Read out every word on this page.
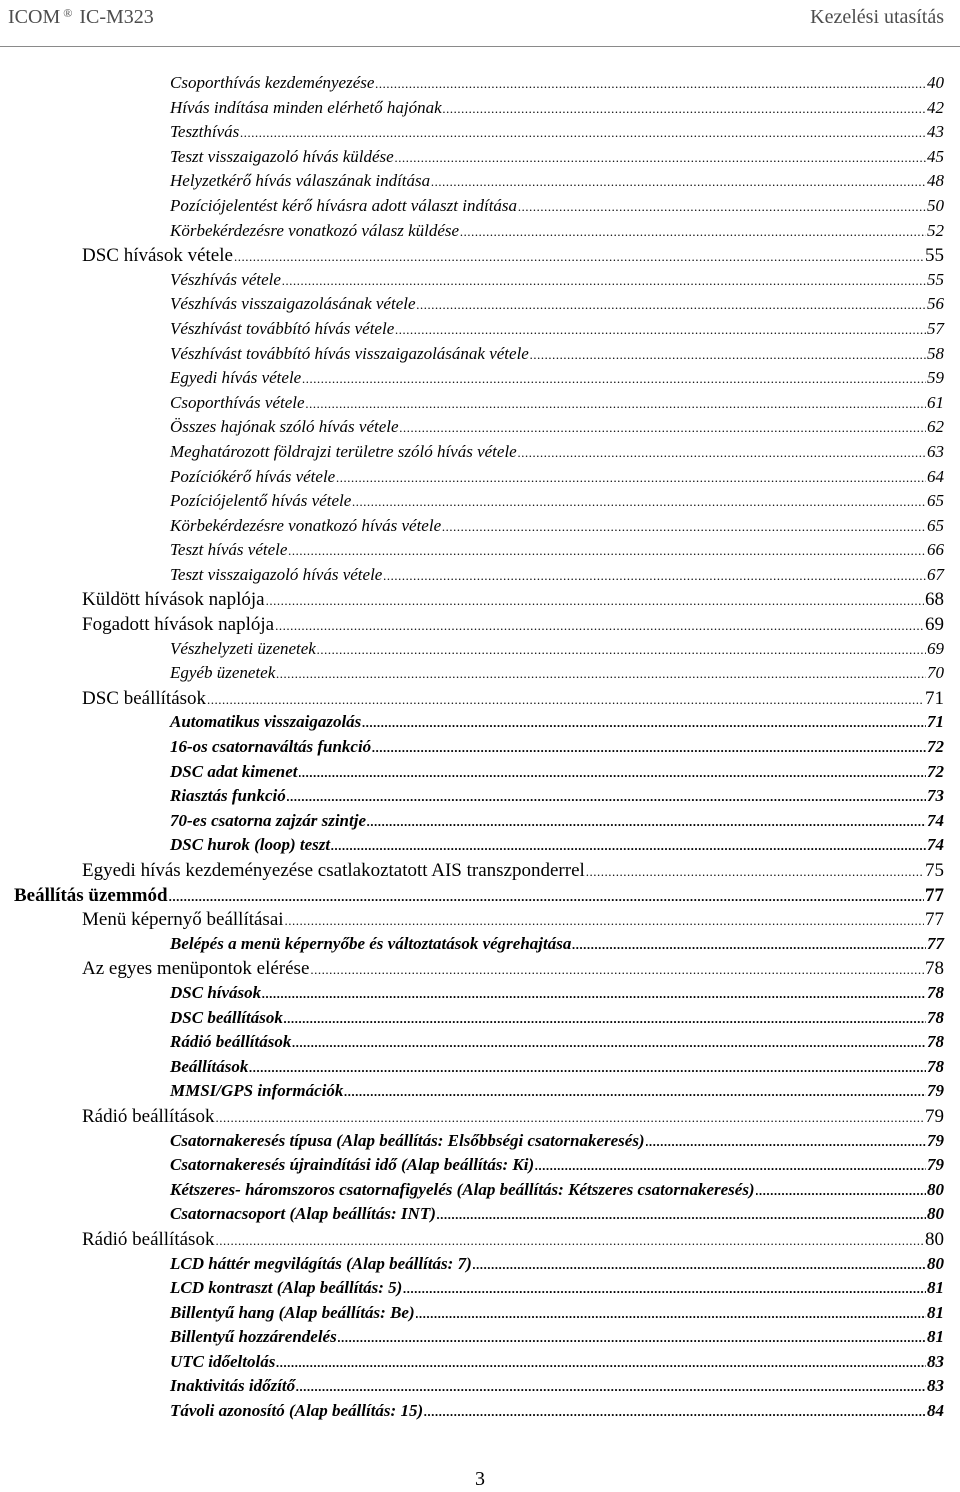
ICOM ® IC-M323	Kezelési utasítás
Csoporthívás kezdeményezése .....	40
Hívás indítása minden elérhető hajónak .....	42
Teszthívás .....	43
Teszt visszaigazoló hívás küldése .....	45
Helyzetkérő hívás válaszának indítása .....	48
Pozíciójelentést kérő hívásra adott választ indítása .....	50
Körbekérdezésre vonatkozó válasz küldése .....	52
DSC hívások vétele .....	55
Vészhívás vétele .....	55
Vészhívás visszaigazolásának vétele .....	56
Vészhívást továbbító hívás vétele .....	57
Vészhívást továbbító hívás visszaigazolásának vétele .....	58
Egyedi hívás vétele .....	59
Csoporthívás vétele .....	61
Összes hajónak szóló hívás vétele .....	62
Meghatározott földrajzi területre szóló hívás vétele .....	63
Pozíciókérő hívás vétele .....	64
Pozíciójelentő hívás vétele .....	65
Körbekérdezésre vonatkozó hívás vétele .....	65
Teszt hívás vétele .....	66
Teszt visszaigazoló hívás vétele .....	67
Küldött hívások naplója .....	68
Fogadott hívások naplója .....	69
Vészhelyzeti üzenetek .....	69
Egyéb üzenetek .....	70
DSC beállítások .....	71
Automatikus visszaigazolás .....	71
16-os csatornaváltás funkció .....	72
DSC adat kimenet .....	72
Riasztás funkció .....	73
70-es csatorna zajzár szintje .....	74
DSC hurok (loop) teszt .....	74
Egyedi hívás kezdeményezése csatlakoztatott AIS transzponderrel .....	75
Beállítás üzemmód .....	77
Menü képernyő beállításai .....	77
Belépés a menü képernyőbe és változtatások végrehajtása .....	77
Az egyes menüpontok elérése .....	78
DSC hívások .....	78
DSC beállítások .....	78
Rádió beállítások .....	78
Beállítások .....	78
MMSI/GPS információk .....	79
Rádió beállítások .....	79
Csatornakeresés típusa (Alap beállítás: Elsőbbségi csatornakeresés) .....	79
Csatornakeresés újraindítási idő (Alap beállítás: Ki) .....	79
Kétszeres- háromszoros csatornafigyelés (Alap beállítás: Kétszeres csatornakeresés) .....	80
Csatornacsoport (Alap beállítás: INT) .....	80
Rádió beállítások .....	80
LCD háttér megvilágítás (Alap beállítás: 7) .....	80
LCD kontraszt (Alap beállítás: 5) .....	81
Billentyű hang (Alap beállítás: Be) .....	81
Billentyű hozzárendelés .....	81
UTC időeltolás .....	83
Inaktivitás időzítő .....	83
Távoli azonosító (Alap beállítás: 15) .....	84
3
